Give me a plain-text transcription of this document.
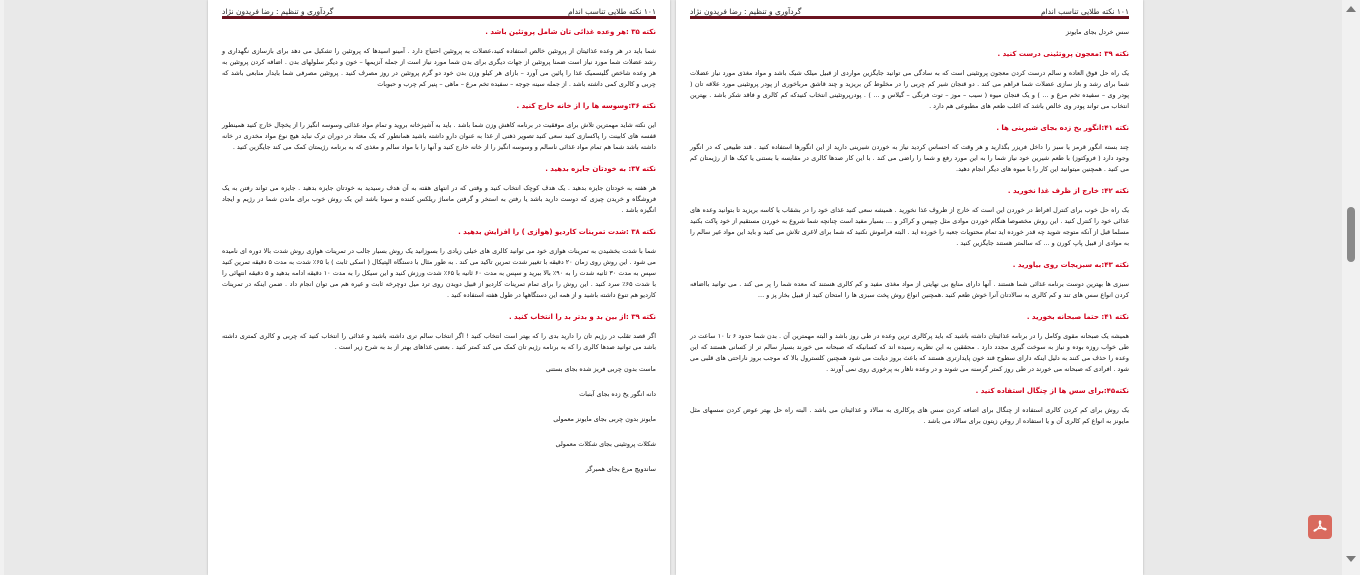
۱۰۱ نکته طلایی تناسب اندام
گردآوری و تنظیم : رضا فریدون نژاد
نکته ۳۵ :هر وعده غذائی تان شامل پروتئین باشد .
شما باید در هر وعده غذائیتان از پروتئین خالص استفاده کنید،عضلات به پروتئین احتیاج دارد . آمینو اسیدها که پروتئین را تشکیل می دهد برای بازسازی نگهداری و رشد عضلات شما مورد نیاز است ضمنا پروتئین از جهات دیگری برای بدن شما مورد نیاز است از جمله آنزیمها – خون و دیگر سلولهای بدن . اضافه کردن پروتئین به هر وعده شاخص گلیسمیک غذا را پائین می آورد – بازای هر کیلو وزن بدن خود دو گرم پروتئین در روز مصرف کنید . پروتئین مصرفی شما بایدار منابعی باشد که چربی و کالری کمی داشته باشد . از جمله سینه جوجه – سفیده تخم مرغ – ماهی – پنیر کم چرب و حبوبات
نکته ۳۶:وسوسه ها را از خانه خارج کنید .
این نکته شاید مهمترین تلاش برای موفقیت در برنامه کاهش وزن شما باشد . باید به آشپزخانه بروید و تمام مواد غذائی وسوسه انگیز را از یخچال خارج کنید همینطور قفسه های کابینت را پاکسازی کنید سعی کنید تصویر ذهنی از غذا به عنوان دارو داشته باشید همانطور که یک معتاد در دوران ترک نباید هیچ نوع مواد مخدری در خانه داشته باشد شما هم تمام مواد غذائی ناسالم و وسوسه انگیز را از خانه خارج کنید و آنها را با مواد سالم و مغذی که به برنامه رژیمتان کمک می کند جایگزین کنید .
نکته ۳۷: به خودتان جایزه بدهید .
هر هفته به خودتان جایزه بدهید . یک هدف کوچک انتخاب کنید و وقتی که در انتهای هفته به آن هدف رسیدید به خودتان جایزه بدهید . جایزه می تواند رفتن به یک فروشگاه و خریدن چیزی که دوست دارید باشد یا رفتن به استخر و گرفتن ماساژ ریلکس کننده و سونا باشد این یک روش خوب برای ماندن شما در رژیم و ایجاد انگیزه باشد .
نکته ۳۸ :شدت تمرینات کاردیو (هوازی ) را افزایش بدهید .
شما با شدت بخشیدن به تمرینات هوازی خود می توانید کالری های خیلی زیادی را بسوزانید یک روش بسیار جالب در تمرینات هوازی روش شدت بالا دوره ای نامیده می شود . این روش روی زمان ۲۰ دقیقه با تغییر شدت تمرین تاکید می کند . به طور مثال با دستگاه الپتیکال ( اسکی ثابت ) با ۶۵٪ شدت به مدت ۵ دقیقه تمرین کنید سپس به مدت ۳۰ ثانیه شدت را به ۹۰٪ بالا ببرید و سپس به مدت ۶۰ ثانیه با ۶۵٪ شدت ورزش کنید و این سیکل را به مدت ۱۰ دقیقه ادامه بدهید و ۵ دقیقه انتهائی را با شدت ۶۵٪ سرد کنید . این روش را برای تمام تمرینات کاردیو از قبیل دویدن روی ترد میل دوچرخه ثابت و غیره هم می توان انجام داد . ضمن اینکه در تمرینات کاردیو هم تنوع داشته باشید و از همه این دستگاهها در طول هفته استفاده کنید .
نکته ۳۹ :از بین بد و بدتر بد را انتخاب کنید .
اگر قصد تقلب در رژیم تان را دارید بدی را که بهتر است انتخاب کنید ! اگر انتخاب سالم تری داشته باشید و غذائی را انتخاب کنید که چربی و کالری کمتری داشته باشد می توانید صدها کالری را که به برنامه رژیم تان کمک می کند کمتر کنید . بعضی غذاهای بهتر از بد به شرح زیر است .
ماست بدون چربی فریز شده بجای بستنی
دانه انگور یخ زده بجای آبنبات
مایونز بدون چربی بجای مایونز معمولی
شکلات پروتئینی بجای شکلات معمولی
ساندویچ مرغ بجای همبرگر
۱۰۱ نکته طلایی تناسب اندام
گردآوری و تنظیم : رضا فریدون نژاد
سس خردل بجای مایونز
نکته ۳۹ :معجون پروتئینی درست کنید .
یک راه حل فوق العاده و سالم درست کردن معجون پروتئینی است که به سادگی می توانید جایگزین مواردی از قبیل میلک شیک باشد و مواد مغذی مورد نیاز عضلات شما برای رشد و باز سازی عضلات شما فراهم می کند . دو قنجان شیر کم چربی را در مخلوط کن بریزید و چند قاشق مرباخوری از پودر پروتئینی مورد علاقه تان ( پودر وی – سفیده تخم مرغ و … ) و یک فنجان میوه ( سیب – موز – توت فرنگی – گیلاس و … ) . پودرپروتئینی انتخاب کنیدکه کم کالری و فاقد شکر باشد . بهترین انتخاب می تواند پودر وی خالص باشد که اغلب طعم های مطبوعی هم دارد .
نکته ۴۱:انگور یخ زده بجای شیرینی ها .
چند بسته انگور قرمز یا سبز را داخل فریزر بگذارید و هر وقت که احساس کردید نیاز به خوردن شیرینی دارید از این انگورها استفاده کنید . قند طبیعی که در انگور وجود دارد ( فروکتوز) با طعم شیرین خود نیاز شما را به این مورد رفع و شما را راضی می کند . با این کار صدها کالری در مقایسه با بستنی یا کیک ها از رژیمتان کم می کنید . همچنین میتوانید این کار را با میوه های دیگر انجام دهید.
نکته ۴۲: خارج از ظرف غذا نخورید .
یک راه حل خوب برای کنترل افراط در خوردن این است که خارج از ظروف غذا نخورید . همیشه سعی کنید غذای خود را در بشقاب یا کاسه بریزید تا بتوانید وعده های غذائی خود را کنترل کنید . این روش مخصوصا هنگام خوردن موادی مثل چیپس و کراکر و … بسیار مفید است چنانچه شما شروع به خوردن مستقیم از خود پاکت بکنید مسلما قبل از آنکه متوجه شوید چه قدر خورده اید تمام محتویات جعبه را خورده اید . البته فراموش نکنید که شما برای لاغری تلاش می کنید و باید این مواد غیر سالم را به موادی از قبیل پاپ کورن و … که سالمتر هستند جایگزین کنید .
نکته ۴۳:به سبزیجات روی بیاورید .
سبزی ها بهترین دوست برنامه غذائی شما هستند . آنها دارای منابع بی نهایتی از مواد مغذی مفید و کم کالری هستند که معده شما را پر می کند . می توانید بااضافه کردن انواع سس های تند و کم کالری به سالادتان آنرا خوش طعم کنید .همچنین انواع روش پخت سبزی ها را امتحان کنید از قبیل بخار پز و …
نکته ۴۱: حتما صبحانه بخورید .
همیشه یک صبحانه مقوی وکامل را در برنامه غذائیتان داشته باشید که باید پرکالری ترین وعده در طی روز باشد و البته مهمترین آن . بدن شما حدود ۶ تا ۱۰ ساعت در طی خواب روزه بوده و نیاز به سوخت گیری مجدد دارد . محققین به این نظریه رسیده اند که کسانیکه که صبحانه می خورند بسیار سالم تر از کسانی هستند که این وعده را حذف می کنند به دلیل اینکه دارای سطوح قند خون پایدارتری هستند که باعث بروز دیابت می شود همچنین کلسترول بالا که موجب بروز ناراحتی های قلبی می شود . افرادی که صبحانه می خورند در طی روز کمتر گرسنه می شوند و در وعده ناهار به پرخوری روی نمی آورند .
نکته۴۵:برای سس ها از چنگال استفاده کنید .
یک روش برای کم کردن کالری استفاده از چنگال برای اضافه کردن سس های پرکالری به سالاد و غذائیتان می باشد . البته راه حل بهتر عوض کردن سسهای مثل مایونز به انواع کم کالری آن و یا استفاده از روغن زیتون برای سالاد می باشد .
